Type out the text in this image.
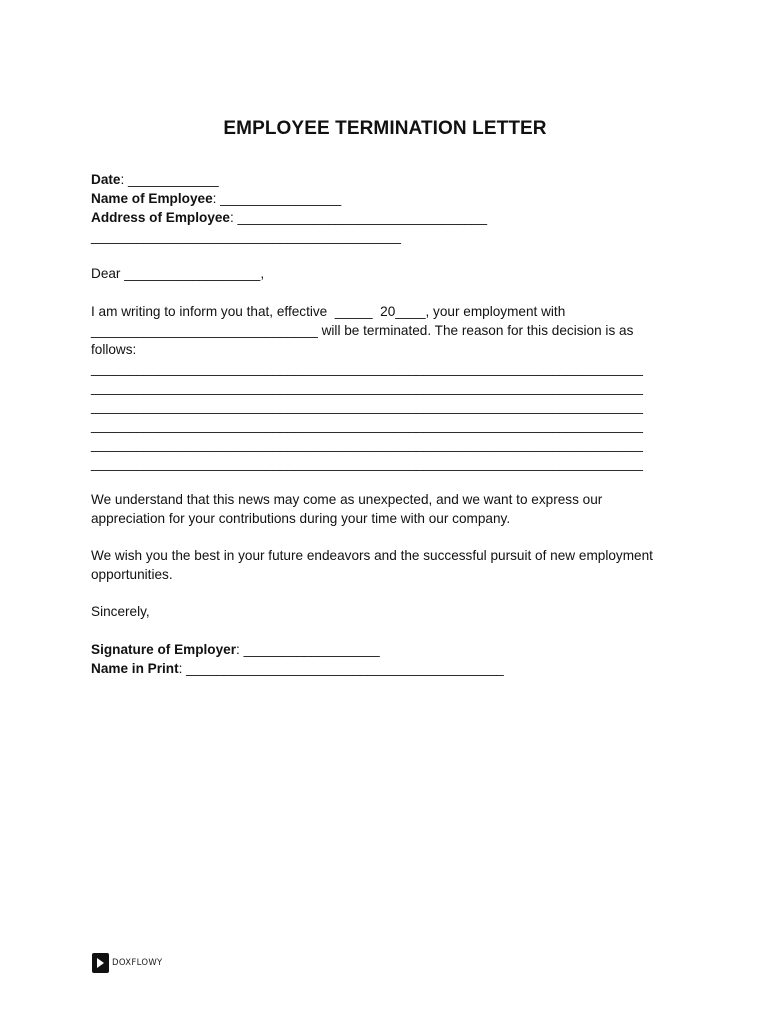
EMPLOYEE TERMINATION LETTER
Date: ____________
Name of Employee: ________________
Address of Employee: _________________________________
_________________________________________
Dear __________________,
I am writing to inform you that, effective  _____  20____, your employment with
______________________________ will be terminated. The reason for this decision is as
follows:
_________________________________________________________________________
_________________________________________________________________________
_________________________________________________________________________
_________________________________________________________________________
_________________________________________________________________________
_________________________________________________________________________
We understand that this news may come as unexpected, and we want to express our
appreciation for your contributions during your time with our company.
We wish you the best in your future endeavors and the successful pursuit of new employment
opportunities.
Sincerely,
Signature of Employer: __________________
Name in Print: __________________________________________
DOXFLOWY
